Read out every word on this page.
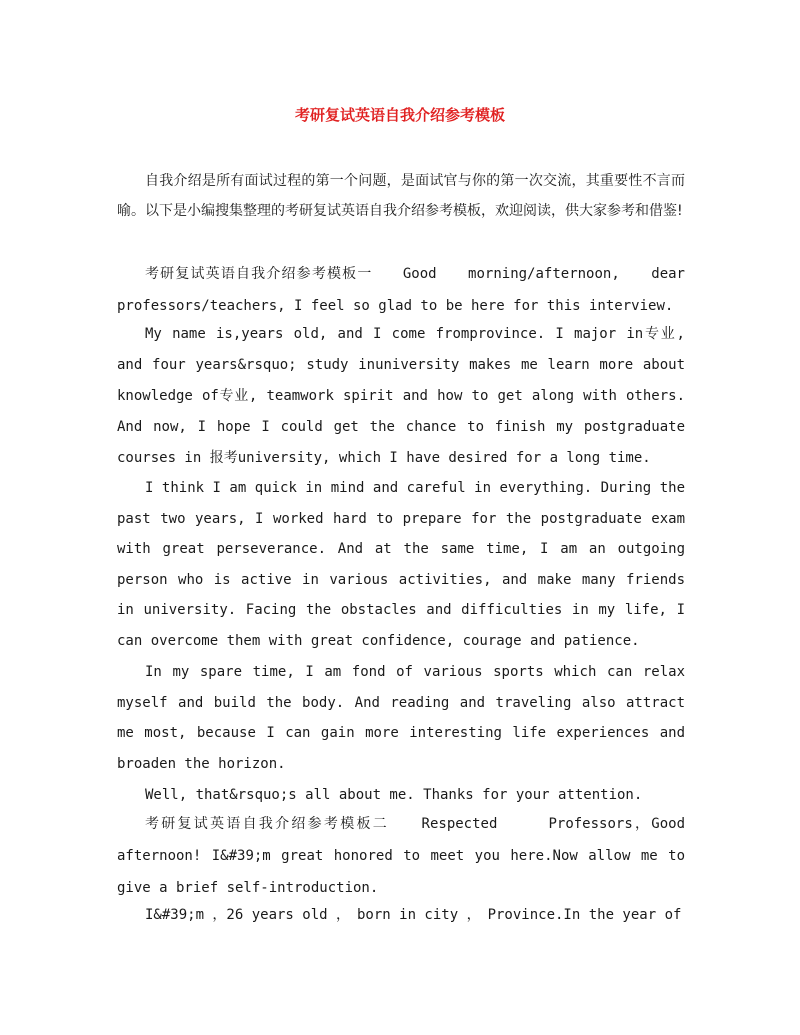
考研复试英语自我介绍参考模板

自我介绍是所有面试过程的第一个问题，是面试官与你的第一次交流，其重要性不言而喻。以下是小编搜集整理的考研复试英语自我介绍参考模板，欢迎阅读，供大家参考和借鉴!

考研复试英语自我介绍参考模板一　　Good　　morning/afternoon,　　dear professors/teachers, I feel so glad to be here for this interview.

My name is,years old, and I come fromprovince. I major in专业, and four years&rsquo; study inuniversity makes me learn more about knowledge of专业, teamwork spirit and how to get along with others. And now, I hope I could get the chance to finish my postgraduate courses in 报考university, which I have desired for a long time.

I think I am quick in mind and careful in everything. During the past two years, I worked hard to prepare for the postgraduate exam with great perseverance. And at the same time, I am an outgoing person who is active in various activities, and make many friends in university. Facing the obstacles and difficulties in my life, I can overcome them with great confidence, courage and patience.

In my spare time, I am fond of various sports which can relax myself and build the body. And reading and traveling also attract me most, because I can gain more interesting life experiences and broaden the horizon.

Well, that&rsquo;s all about me. Thanks for your attention.

考研复试英语自我介绍参考模板二　　Respected　　　Professors，Good afternoon! I&#39;m great honored to meet you here.Now allow me to give a brief self-introduction.

I&#39;m ，26 years old ，　born in city ，　Province.In the year of
